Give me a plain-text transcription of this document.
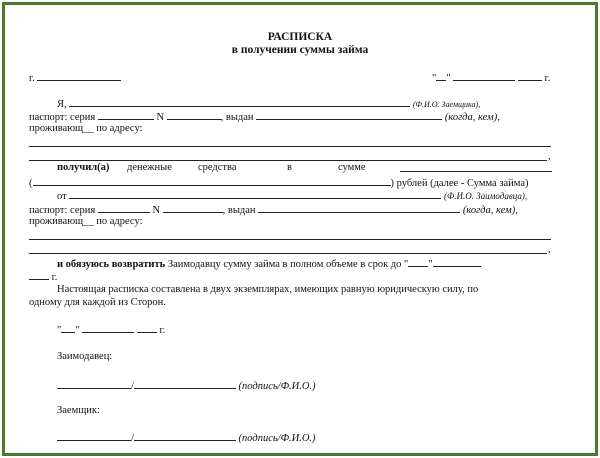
РАСПИСКА
в получении суммы займа
г.	" "	г.
Я,	(Ф.И.О. Заемщика),
паспорт: серия	N	, выдан	(когда, кем),
проживающ__ по адресу:
,
получил(а) денежные средства	в	сумме
(	) рублей (далее - Сумма займа)
от	(Ф.И.О. Заимодавца),
паспорт: серия	N	, выдан	(когда, кем),
проживающ__ по адресу:
,
и обязуюсь возвратить Заимодавцу сумму займа в полном объеме в срок до " "
г.
Настоящая расписка составлена в двух экземплярах, имеющих равную юридическую силу, по
одному для каждой из Сторон.
" "	г.
Заимодавец:
/	(подпись/Ф.И.О.)
Заемщик:
/	(подпись/Ф.И.О.)
